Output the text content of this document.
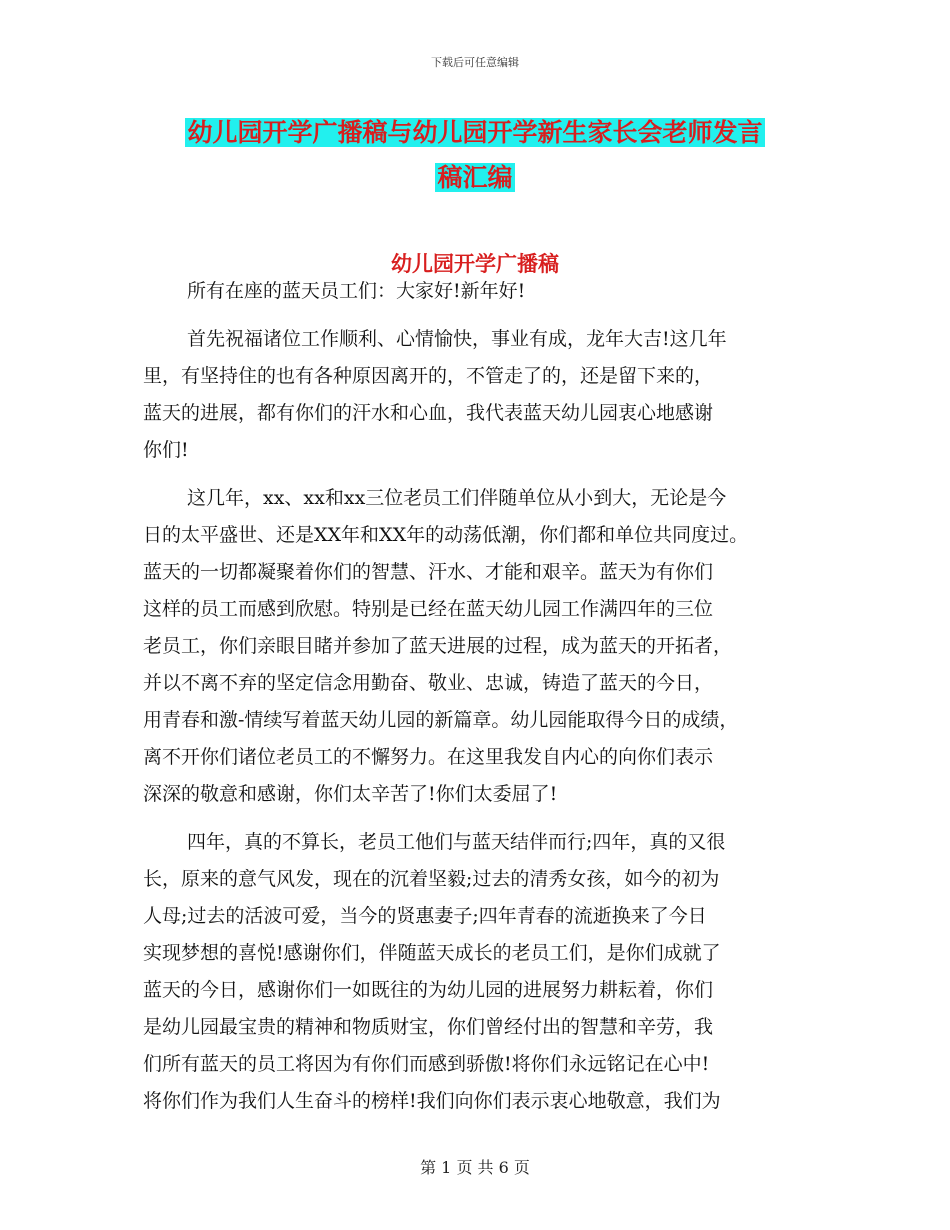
下载后可任意编辑
幼儿园开学广播稿与幼儿园开学新生家长会老师发言
稿汇编
幼儿园开学广播稿
所有在座的蓝天员工们：大家好!新年好!
首先祝福诸位工作顺利、心情愉快，事业有成，龙年大吉!这几年
里，有坚持住的也有各种原因离开的，不管走了的，还是留下来的，
蓝天的进展，都有你们的汗水和心血，我代表蓝天幼儿园衷心地感谢
你们!
这几年，xx、xx和xx三位老员工们伴随单位从小到大，无论是今
日的太平盛世、还是XX年和XX年的动荡低潮，你们都和单位共同度过。
蓝天的一切都凝聚着你们的智慧、汗水、才能和艰辛。蓝天为有你们
这样的员工而感到欣慰。特别是已经在蓝天幼儿园工作满四年的三位
老员工，你们亲眼目睹并参加了蓝天进展的过程，成为蓝天的开拓者，
并以不离不弃的坚定信念用勤奋、敬业、忠诚，铸造了蓝天的今日，
用青春和激-情续写着蓝天幼儿园的新篇章。幼儿园能取得今日的成绩，
离不开你们诸位老员工的不懈努力。在这里我发自内心的向你们表示
深深的敬意和感谢，你们太辛苦了!你们太委屈了!
四年，真的不算长，老员工他们与蓝天结伴而行;四年，真的又很
长，原来的意气风发，现在的沉着坚毅;过去的清秀女孩，如今的初为
人母;过去的活波可爱，当今的贤惠妻子;四年青春的流逝换来了今日
实现梦想的喜悦!感谢你们，伴随蓝天成长的老员工们，是你们成就了
蓝天的今日，感谢你们一如既往的为幼儿园的进展努力耕耘着，你们
是幼儿园最宝贵的精神和物质财宝，你们曾经付出的智慧和辛劳，我
们所有蓝天的员工将因为有你们而感到骄傲!将你们永远铭记在心中!
将你们作为我们人生奋斗的榜样!我们向你们表示衷心地敬意，我们为
第 1 页 共 6 页
